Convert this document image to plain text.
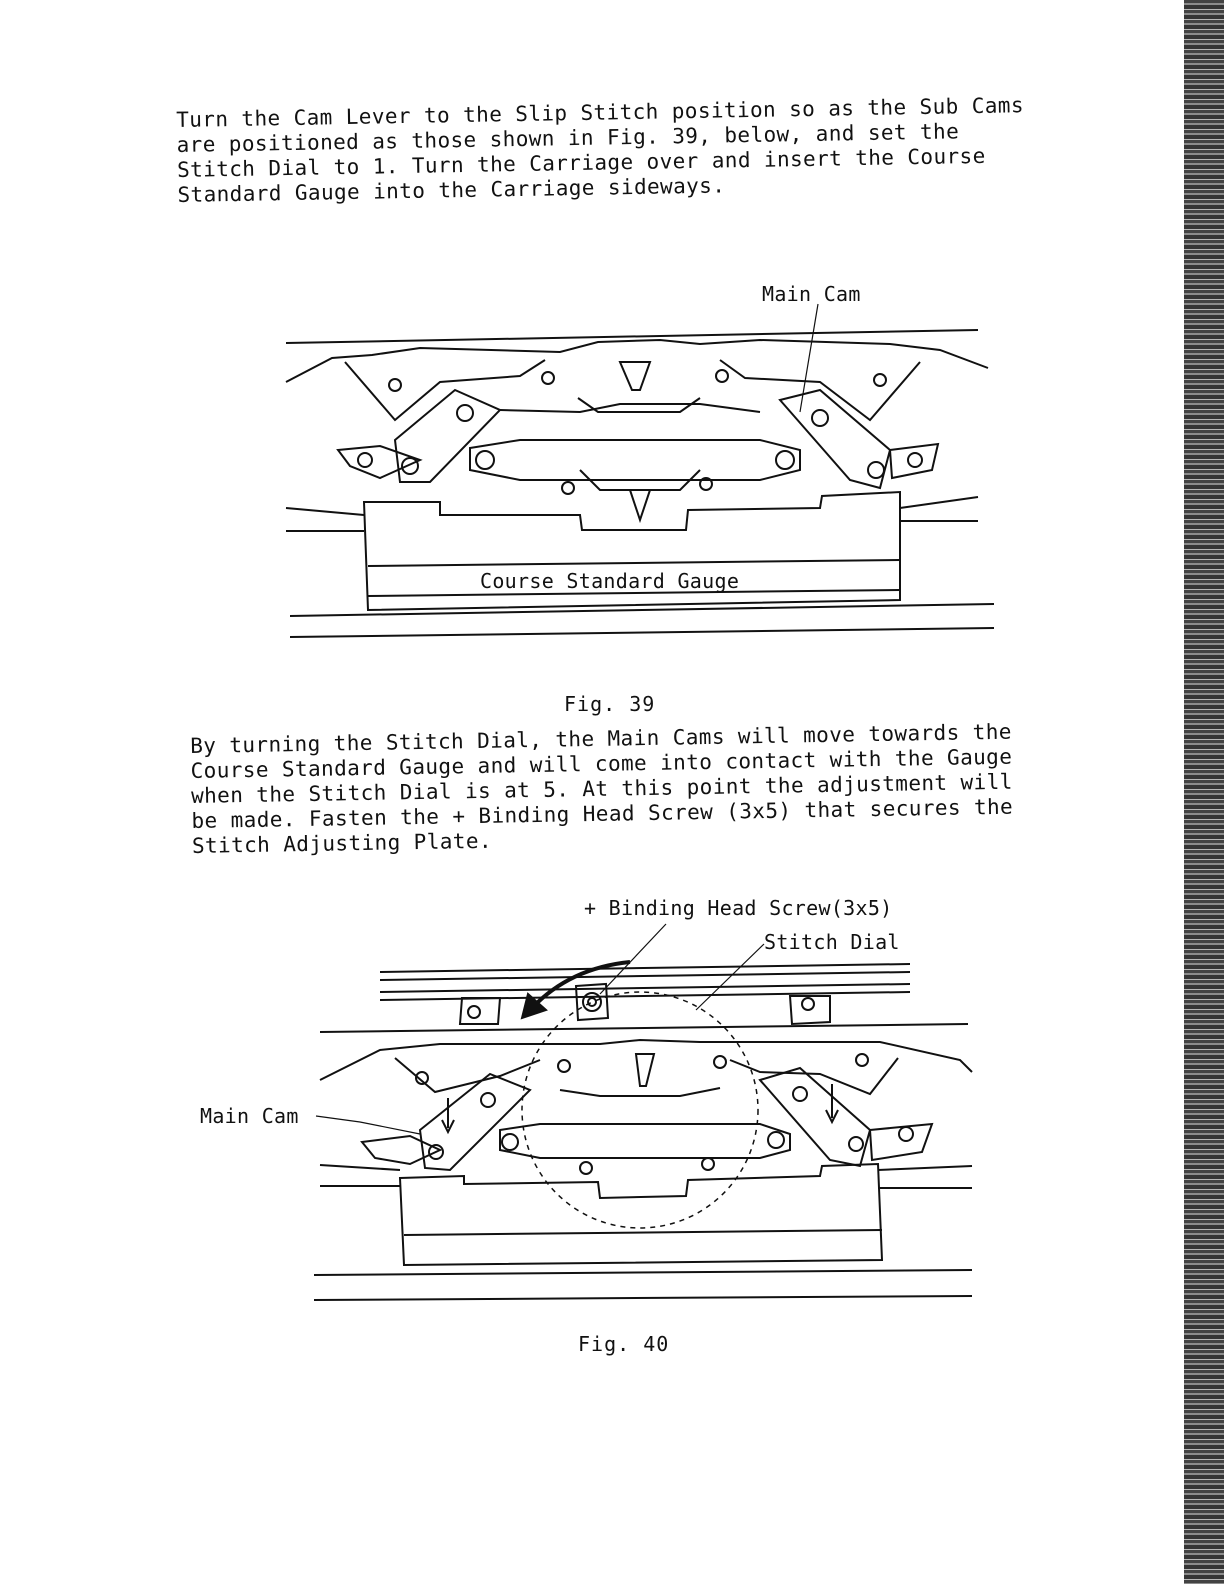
Turn the Cam Lever to the Slip Stitch position so as the Sub Cams
are positioned as those shown in Fig. 39, below, and set the
Stitch Dial to 1. Turn the Carriage over and insert the Course
Standard Gauge into the Carriage sideways.

Main Cam
Course Standard Gauge
Fig. 39

By turning the Stitch Dial, the Main Cams will move towards the
Course Standard Gauge and will come into contact with the Gauge
when the Stitch Dial is at 5. At this point the adjustment will
be made. Fasten the + Binding Head Screw (3x5) that secures the
Stitch Adjusting Plate.

+ Binding Head Screw(3x5)
Stitch Dial
Main Cam
Fig. 40
